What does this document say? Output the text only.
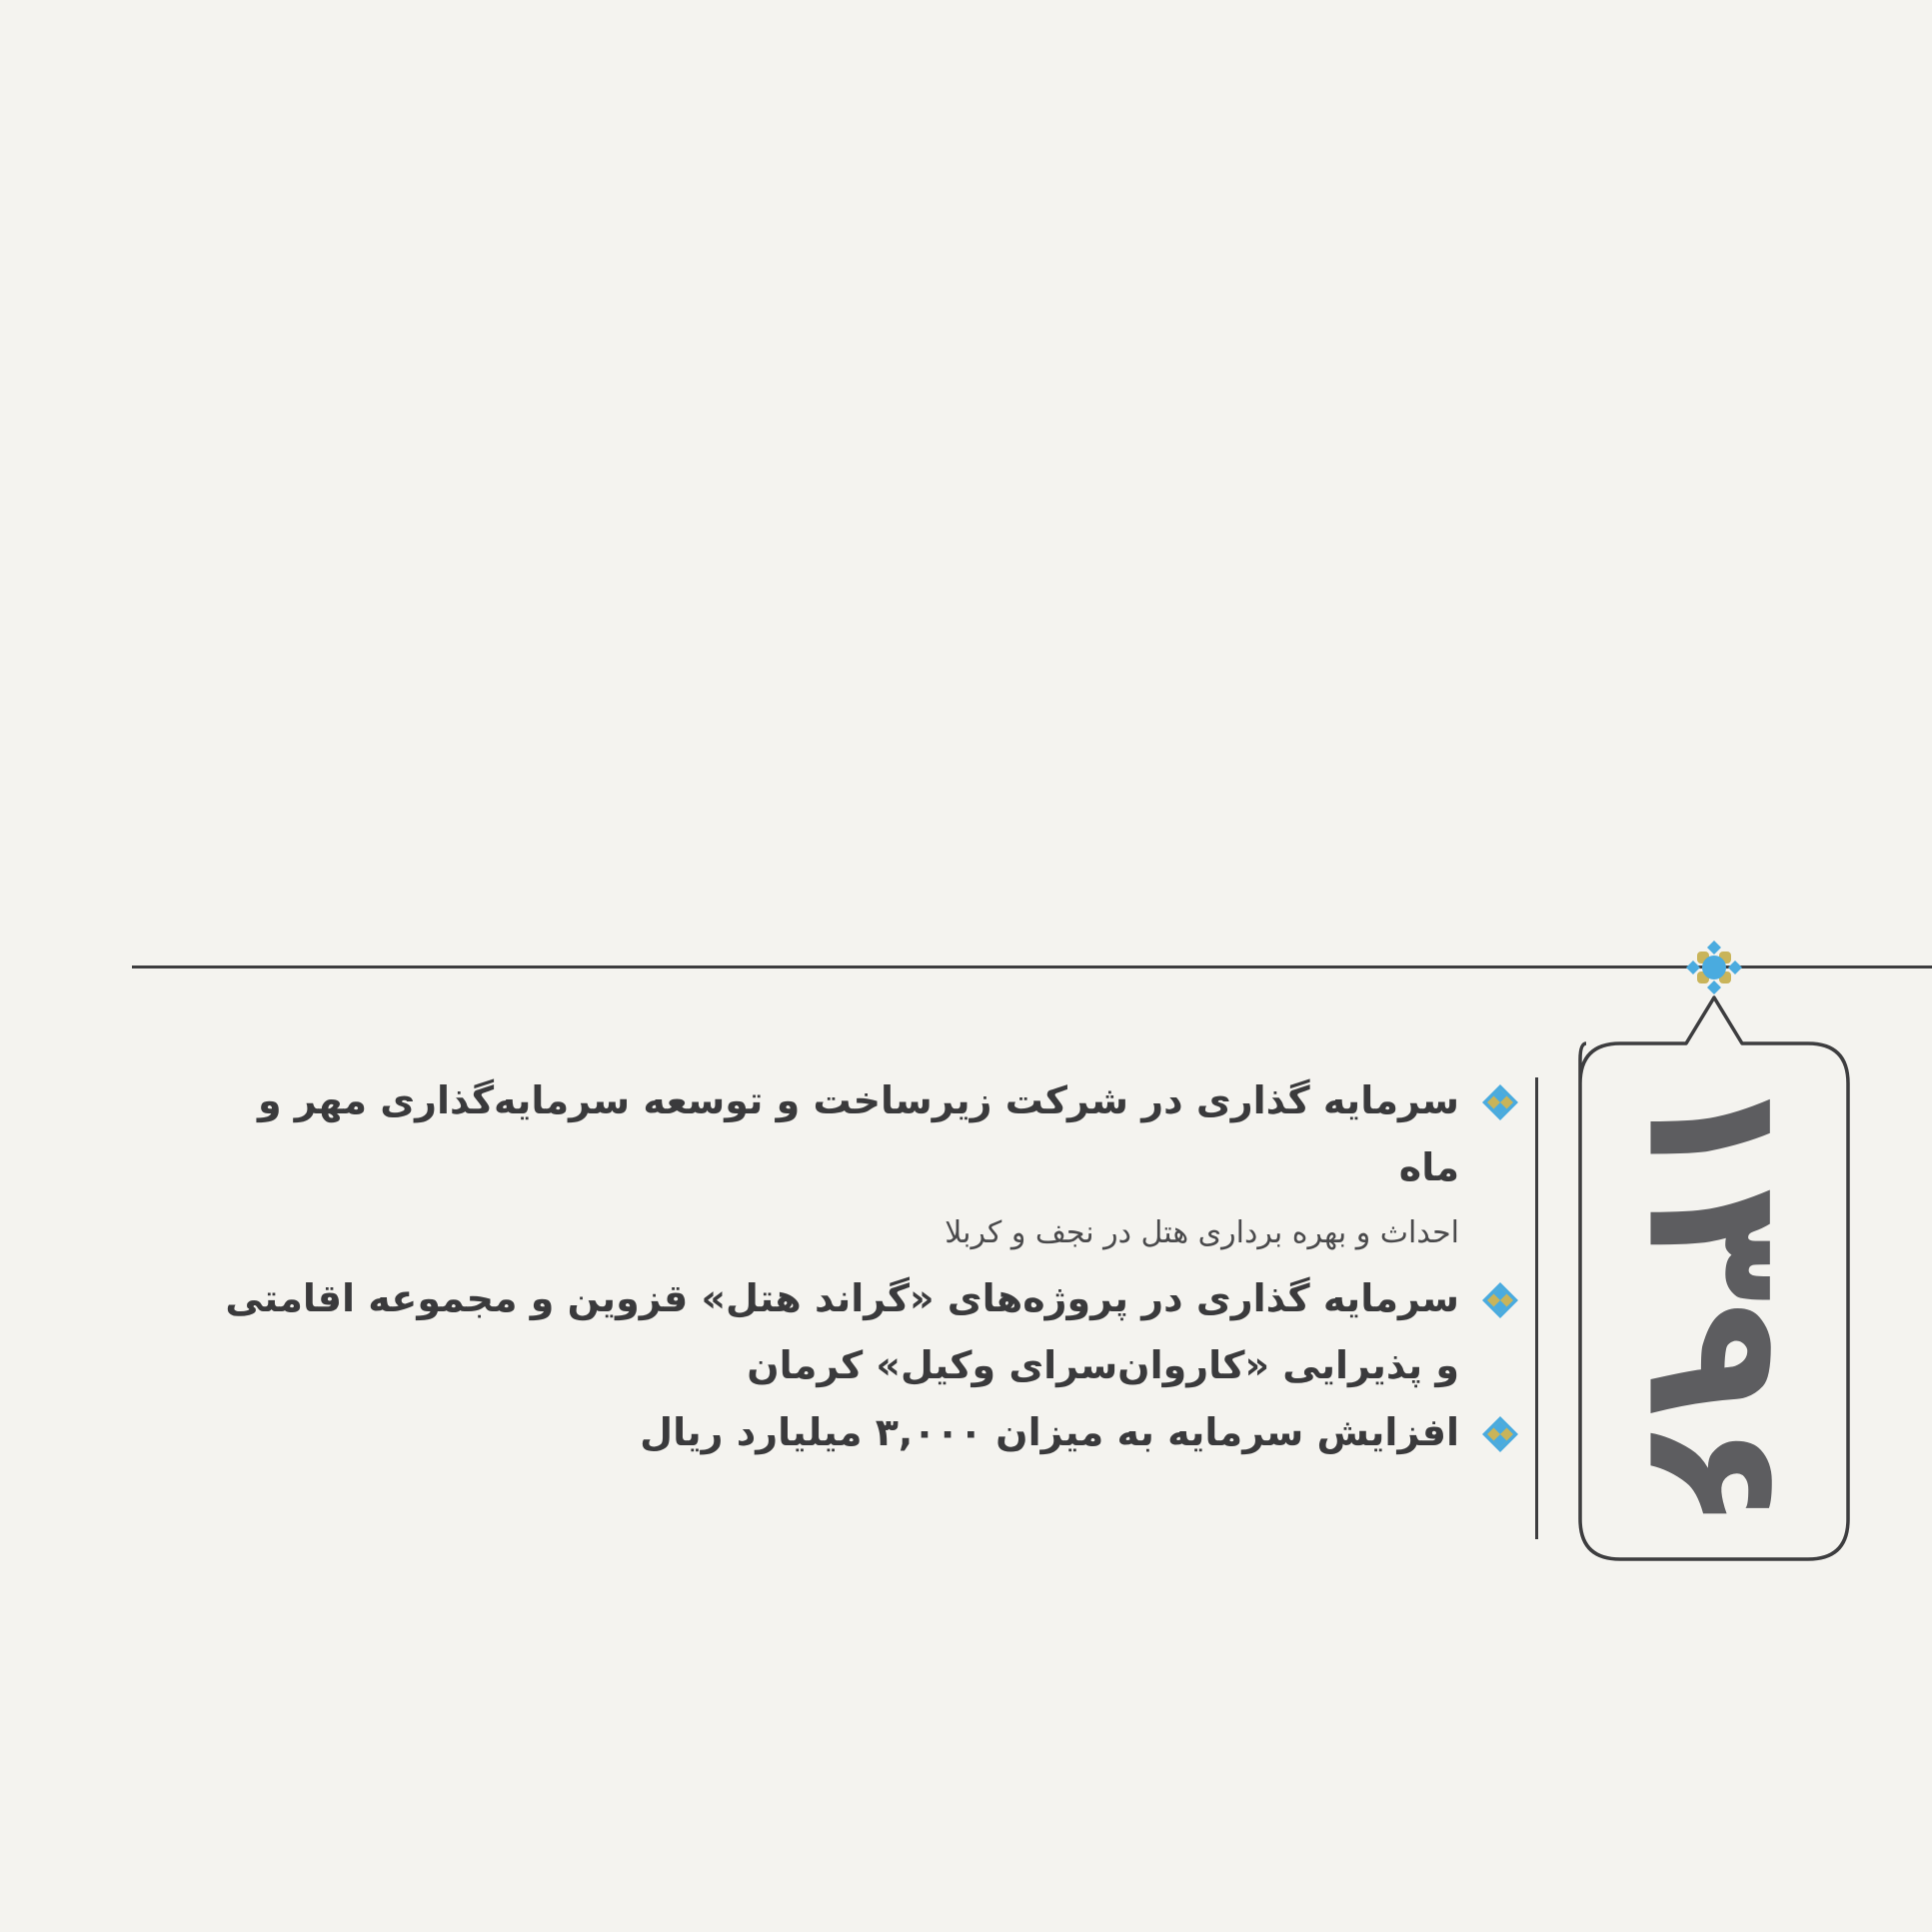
۱۳۹۶

سرمایه گذاری در شرکت زیرساخت و توسعه سرمایه‌گذاری مهر و ماه

احداث و بهره برداری هتل در نجف و کربلا

سرمایه گذاری در پروژه‌های «گراند هتل» قزوین و مجموعه اقامتی و پذیرایی «کاروان‌سرای وکیل» کرمان

افزایش سرمایه به میزان ۳,۰۰۰ میلیارد ریال
